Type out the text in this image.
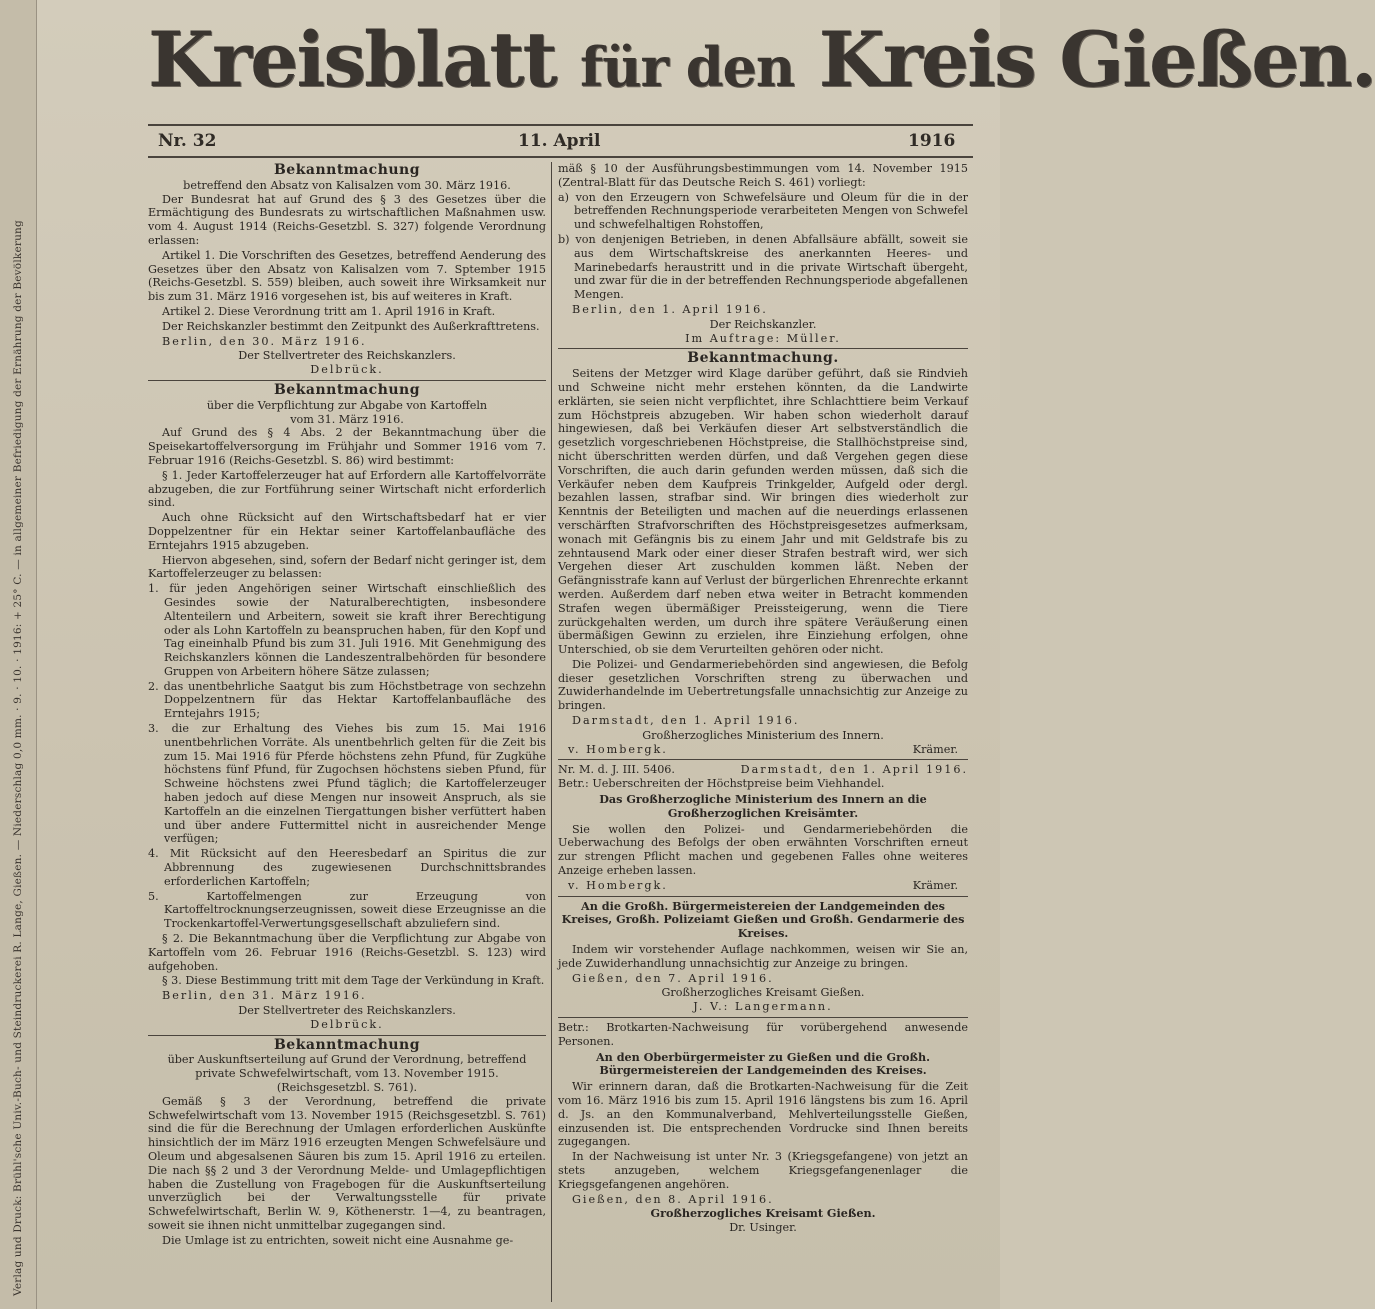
Verlag und Druck: Brühl'sche Univ.-Buch- und Steindruckerei R. Lange, Gießen. — Niederschlag 0,0 mm. · 9. · 10. · 1916: + 25° C. — in allgemeiner Befriedigung der Ernährung der Bevölkerung
Kreisblatt für den Kreis Gießen.
Nr. 32	11. April	1916

Bekanntmachung

betreffend den Absatz von Kalisalzen vom 30. März 1916.

Der Bundesrat hat auf Grund des § 3 des Gesetzes über die Ermächtigung des Bundesrats zu wirtschaftlichen Maßnahmen usw. vom 4. August 1914 (Reichs-Gesetzbl. S. 327) folgende Verordnung erlassen:

Artikel 1. Die Vorschriften des Gesetzes, betreffend Aenderung des Gesetzes über den Absatz von Kalisalzen vom 7. Sptember 1915 (Reichs-Gesetzbl. S. 559) bleiben, auch soweit ihre Wirksamkeit nur bis zum 31. März 1916 vorgesehen ist, bis auf weiteres in Kraft.

Artikel 2. Diese Verordnung tritt am 1. April 1916 in Kraft.

Der Reichskanzler bestimmt den Zeitpunkt des Außerkrafttretens.

Berlin, den 30. März 1916.

Der Stellvertreter des Reichskanzlers.

Delbrück.

Bekanntmachung

über die Verpflichtung zur Abgabe von Kartoffeln

vom 31. März 1916.

Auf Grund des § 4 Abs. 2 der Bekanntmachung über die Speisekartoffelversorgung im Frühjahr und Sommer 1916 vom 7. Februar 1916 (Reichs-Gesetzbl. S. 86) wird bestimmt:

§ 1. Jeder Kartoffelerzeuger hat auf Erfordern alle Kartoffelvorräte abzugeben, die zur Fortführung seiner Wirtschaft nicht erforderlich sind.

Auch ohne Rücksicht auf den Wirtschaftsbedarf hat er vier Doppelzentner für ein Hektar seiner Kartoffelanbaufläche des Erntejahrs 1915 abzugeben.

Hiervon abgesehen, sind, sofern der Bedarf nicht geringer ist, dem Kartoffelerzeuger zu belassen:

1. für jeden Angehörigen seiner Wirtschaft einschließlich des Gesindes sowie der Naturalberechtigten, insbesondere Altenteilern und Arbeitern, soweit sie kraft ihrer Berechtigung oder als Lohn Kartoffeln zu beanspruchen haben, für den Kopf und Tag eineinhalb Pfund bis zum 31. Juli 1916. Mit Genehmigung des Reichskanzlers können die Landeszentralbehörden für besondere Gruppen von Arbeitern höhere Sätze zulassen;

2. das unentbehrliche Saatgut bis zum Höchstbetrage von sechzehn Doppelzentnern für das Hektar Kartoffelanbaufläche des Erntejahrs 1915;

3. die zur Erhaltung des Viehes bis zum 15. Mai 1916 unentbehrlichen Vorräte. Als unentbehrlich gelten für die Zeit bis zum 15. Mai 1916 für Pferde höchstens zehn Pfund, für Zugkühe höchstens fünf Pfund, für Zugochsen höchstens sieben Pfund, für Schweine höchstens zwei Pfund täglich; die Kartoffelerzeuger haben jedoch auf diese Mengen nur insoweit Anspruch, als sie Kartoffeln an die einzelnen Tiergattungen bisher verfüttert haben und über andere Futtermittel nicht in ausreichender Menge verfügen;

4. Mit Rücksicht auf den Heeresbedarf an Spiritus die zur Abbrennung des zugewiesenen Durchschnittsbrandes erforderlichen Kartoffeln;

5. Kartoffelmengen zur Erzeugung von Kartoffeltrocknungserzeugnissen, soweit diese Erzeugnisse an die Trockenkartoffel-Verwertungsgesellschaft abzuliefern sind.

§ 2. Die Bekanntmachung über die Verpflichtung zur Abgabe von Kartoffeln vom 26. Februar 1916 (Reichs-Gesetzbl. S. 123) wird aufgehoben.

§ 3. Diese Bestimmung tritt mit dem Tage der Verkündung in Kraft.

Berlin, den 31. März 1916.

Der Stellvertreter des Reichskanzlers.

Delbrück.

Bekanntmachung

über Auskunftserteilung auf Grund der Verordnung, betreffend private Schwefelwirtschaft, vom 13. November 1915.

(Reichsgesetzbl. S. 761).

Gemäß § 3 der Verordnung, betreffend die private Schwefelwirtschaft vom 13. November 1915 (Reichsgesetzbl. S. 761) sind die für die Berechnung der Umlagen erforderlichen Auskünfte hinsichtlich der im März 1916 erzeugten Mengen Schwefelsäure und Oleum und abgesalsenen Säuren bis zum 15. April 1916 zu erteilen. Die nach §§ 2 und 3 der Verordnung Melde- und Umlagepflichtigen haben die Zustellung von Fragebogen für die Auskunftserteilung unverzüglich bei der Verwaltungsstelle für private Schwefelwirtschaft, Berlin W. 9, Köthenerstr. 1—4, zu beantragen, soweit sie ihnen nicht unmittelbar zugegangen sind.

Die Umlage ist zu entrichten, soweit nicht eine Ausnahme ge-

mäß § 10 der Ausführungsbestimmungen vom 14. November 1915 (Zentral-Blatt für das Deutsche Reich S. 461) vorliegt:

a) von den Erzeugern von Schwefelsäure und Oleum für die in der betreffenden Rechnungsperiode verarbeiteten Mengen von Schwefel und schwefelhaltigen Rohstoffen,

b) von denjenigen Betrieben, in denen Abfallsäure abfällt, soweit sie aus dem Wirtschaftskreise des anerkannten Heeres- und Marinebedarfs heraustritt und in die private Wirtschaft übergeht, und zwar für die in der betreffenden Rechnungsperiode abgefallenen Mengen.

Berlin, den 1. April 1916.

Der Reichskanzler.

Im Auftrage: Müller.

Bekanntmachung.

Seitens der Metzger wird Klage darüber geführt, daß sie Rindvieh und Schweine nicht mehr erstehen könnten, da die Landwirte erklärten, sie seien nicht verpflichtet, ihre Schlachttiere beim Verkauf zum Höchstpreis abzugeben. Wir haben schon wiederholt darauf hingewiesen, daß bei Verkäufen dieser Art selbstverständlich die gesetzlich vorgeschriebenen Höchstpreise, die Stallhöchstpreise sind, nicht überschritten werden dürfen, und daß Vergehen gegen diese Vorschriften, die auch darin gefunden werden müssen, daß sich die Verkäufer neben dem Kaufpreis Trinkgelder, Aufgeld oder dergl. bezahlen lassen, strafbar sind. Wir bringen dies wiederholt zur Kenntnis der Beteiligten und machen auf die neuerdings erlassenen verschärften Strafvorschriften des Höchstpreisgesetzes aufmerksam, wonach mit Gefängnis bis zu einem Jahr und mit Geldstrafe bis zu zehntausend Mark oder einer dieser Strafen bestraft wird, wer sich Vergehen dieser Art zuschulden kommen läßt. Neben der Gefängnisstrafe kann auf Verlust der bürgerlichen Ehrenrechte erkannt werden. Außerdem darf neben etwa weiter in Betracht kommenden Strafen wegen übermäßiger Preissteigerung, wenn die Tiere zurückgehalten werden, um durch ihre spätere Veräußerung einen übermäßigen Gewinn zu erzielen, ihre Einziehung erfolgen, ohne Unterschied, ob sie dem Verurteilten gehören oder nicht.

Die Polizei- und Gendarmeriebehörden sind angewiesen, die Befolg dieser gesetzlichen Vorschriften streng zu überwachen und Zuwiderhandelnde im Uebertretungsfalle unnachsichtig zur Anzeige zu bringen.

Darmstadt, den 1. April 1916.

Großherzogliches Ministerium des Innern.

v. Hombergk.	Krämer.
Nr. M. d. J. III. 5406.	Darmstadt, den 1. April 1916.

Betr.: Ueberschreiten der Höchstpreise beim Viehhandel.

Das Großherzogliche Ministerium des Innern an die Großherzoglichen Kreisämter.

Sie wollen den Polizei- und Gendarmeriebehörden die Ueberwachung des Befolgs der oben erwähnten Vorschriften erneut zur strengen Pflicht machen und gegebenen Falles ohne weiteres Anzeige erheben lassen.

v. Hombergk.	Krämer.

An die Großh. Bürgermeistereien der Landgemeinden des Kreises, Großh. Polizeiamt Gießen und Großh. Gendarmerie des Kreises.

Indem wir vorstehender Auflage nachkommen, weisen wir Sie an, jede Zuwiderhandlung unnachsichtig zur Anzeige zu bringen.

Gießen, den 7. April 1916.

Großherzogliches Kreisamt Gießen.

J. V.: Langermann.

Betr.: Brotkarten-Nachweisung für vorübergehend anwesende Personen.

An den Oberbürgermeister zu Gießen und die Großh. Bürgermeistereien der Landgemeinden des Kreises.

Wir erinnern daran, daß die Brotkarten-Nachweisung für die Zeit vom 16. März 1916 bis zum 15. April 1916 längstens bis zum 16. April d. Js. an den Kommunalverband, Mehlverteilungsstelle Gießen, einzusenden ist. Die entsprechenden Vordrucke sind Ihnen bereits zugegangen.

In der Nachweisung ist unter Nr. 3 (Kriegsgefangene) von jetzt an stets anzugeben, welchem Kriegsgefangenenlager die Kriegsgefangenen angehören.

Gießen, den 8. April 1916.

Großherzogliches Kreisamt Gießen.

Dr. Usinger.
